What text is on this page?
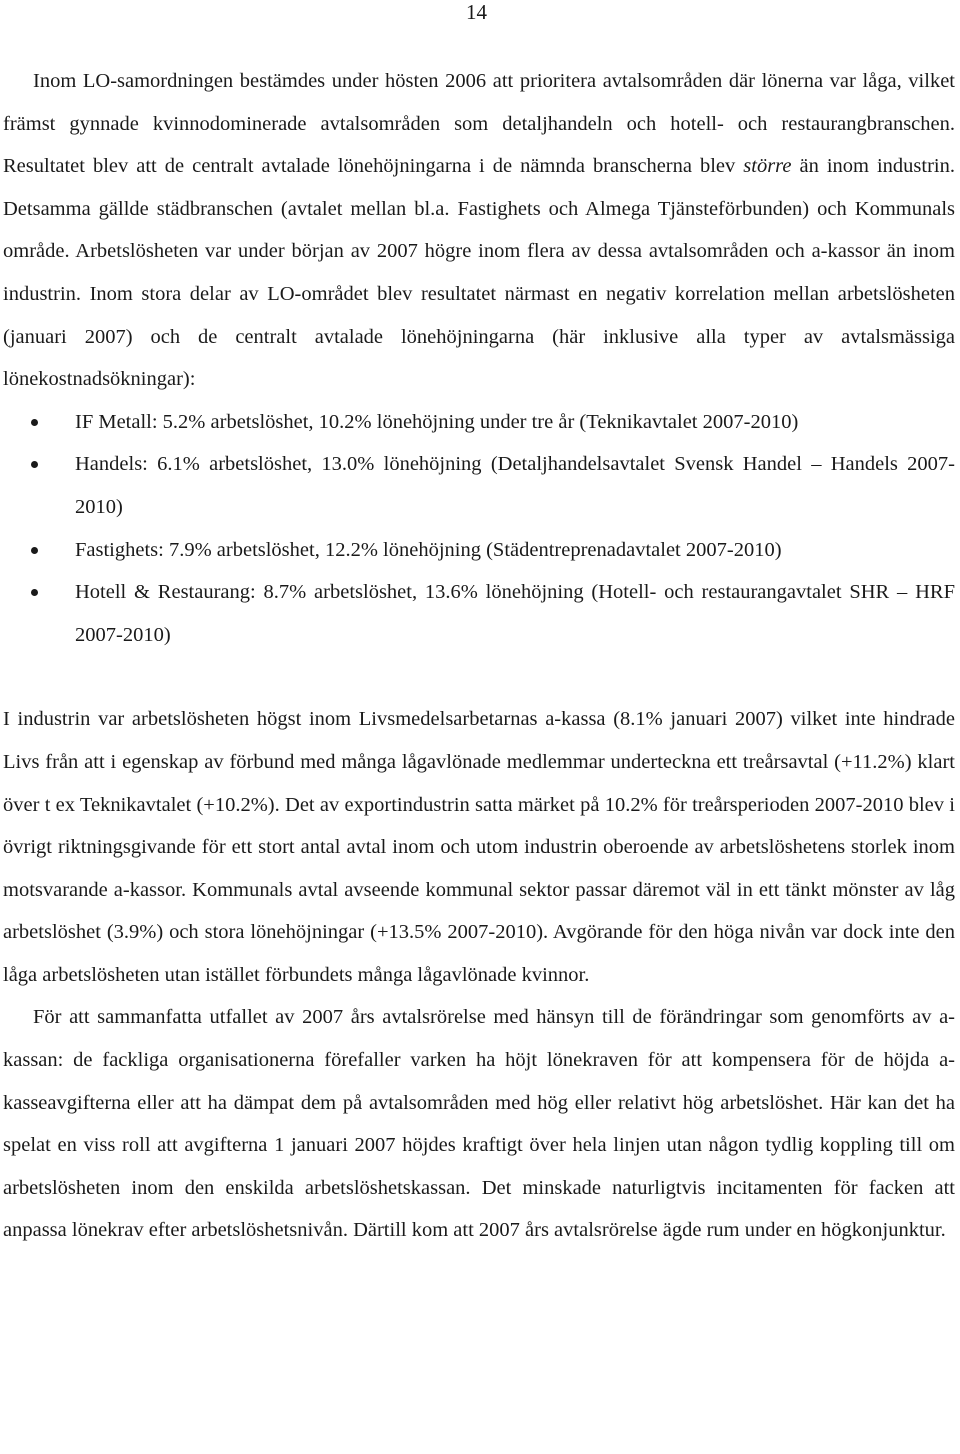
14

Inom LO-samordningen bestämdes under hösten 2006 att prioritera avtalsområden där lönerna var låga, vilket främst gynnade kvinnodominerade avtalsområden som detaljhandeln och hotell- och restaurangbranschen. Resultatet blev att de centralt avtalade lönehöjningarna i de nämnda branscherna blev större än inom industrin. Detsamma gällde städbranschen (avtalet mellan bl.a. Fastighets och Almega Tjänsteförbunden) och Kommunals område. Arbetslösheten var under början av 2007 högre inom flera av dessa avtalsområden och a-kassor än inom industrin. Inom stora delar av LO-området blev resultatet närmast en negativ korrelation mellan arbetslösheten (januari 2007) och de centralt avtalade lönehöjningarna (här inklusive alla typer av avtalsmässiga lönekostnadsökningar):

IF Metall: 5.2% arbetslöshet, 10.2% lönehöjning under tre år (Teknikavtalet 2007-2010)
Handels: 6.1% arbetslöshet, 13.0% lönehöjning (Detaljhandelsavtalet Svensk Handel – Handels 2007-2010)
Fastighets: 7.9% arbetslöshet, 12.2% lönehöjning (Städentreprenadavtalet 2007-2010)
Hotell & Restaurang: 8.7% arbetslöshet, 13.6% lönehöjning (Hotell- och restaurangavtalet SHR – HRF 2007-2010)

I industrin var arbetslösheten högst inom Livsmedelsarbetarnas a-kassa (8.1% januari 2007) vilket inte hindrade Livs från att i egenskap av förbund med många lågavlönade medlemmar underteckna ett treårsavtal (+11.2%) klart över t ex Teknikavtalet (+10.2%). Det av exportindustrin satta märket på 10.2% för treårsperioden 2007-2010 blev i övrigt riktningsgivande för ett stort antal avtal inom och utom industrin oberoende av arbetslöshetens storlek inom motsvarande a-kassor. Kommunals avtal avseende kommunal sektor passar däremot väl in ett tänkt mönster av låg arbetslöshet (3.9%) och stora lönehöjningar (+13.5% 2007-2010). Avgörande för den höga nivån var dock inte den låga arbetslösheten utan istället förbundets många lågavlönade kvinnor.

För att sammanfatta utfallet av 2007 års avtalsrörelse med hänsyn till de förändringar som genomförts av a-kassan: de fackliga organisationerna förefaller varken ha höjt lönekraven för att kompensera för de höjda a-kasseavgifterna eller att ha dämpat dem på avtalsområden med hög eller relativt hög arbetslöshet. Här kan det ha spelat en viss roll att avgifterna 1 januari 2007 höjdes kraftigt över hela linjen utan någon tydlig koppling till om arbetslösheten inom den enskilda arbetslöshetskassan. Det minskade naturligtvis incitamenten för facken att anpassa lönekrav efter arbetslöshetsnivån. Därtill kom att 2007 års avtalsrörelse ägde rum under en högkonjunktur.
